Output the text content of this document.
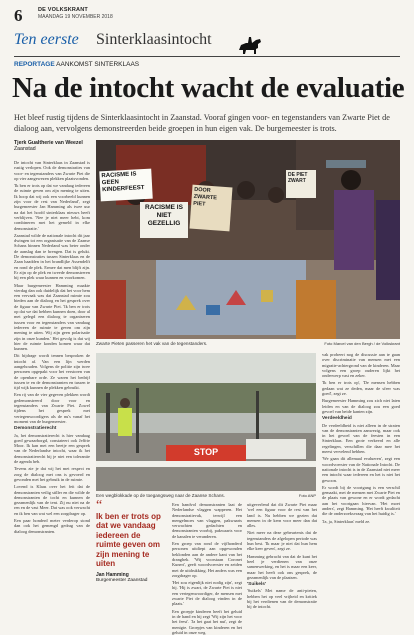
6	DE VOLKSKRANT
MAANDAG 19 NOVEMBER 2018
Ten eerste Sinterklaasintocht
REPORTAGE AANKOMST SINTERKLAAS
Na de intocht wacht de evaluatie
Het bleef rustig tijdens de Sinterklaasintocht in Zaanstad. Vooraf gingen voor- en tegenstanders van Zwarte Piet de dialoog aan, vervolgens demonstreerden beide groepen in hun eigen vak. De burgemeester is trots.
Tjerk Gualtherie van Weezel
Zaanstad

De intocht van Sinterklaas in Zaanstad is rustig verlopen. Ook de demonstraties van voor- en tegenstanders van Zwarte Piet die op vier aangewezen plekken plaatsvonden.

'Ik ben er trots op dat we vandaag iedereen de ruimte geven om zijn mening te uiten. Ik hoop dat wij ook een voorbeeld kunnen zijn voor de rest van Nederland', zegt burgemeester Jan Hamming als twee uur na dat het hoofd sinterklaas nieuws heeft verblijven. 'Nee je niet meer hebt, kom combineren met het gemeld in elke demonstratie.'

Zaanstad wilde de nationale intocht dit jaar dwingen tot een organisatie van de Zaanse Schans binnen Nederland was beter onder de aanslag dan te brengen. Dat is gelukt. De demonstraties tussen Sinterklaas en de Zaan haadden in het brandlijke Assendelft en rond de plek. Ermee dat men blijft zijn. Er zijn op de plek en tweede demonstreren bij een plek waar kunnen en voorkomen.

Maar burgemeester Hamming maakte vierdag dan ook duidelijk dat het voor hem een vervaak was dat Zaanstad ruimte zou bieden aan de dialoog en het gesprek over de figuur van Zwarte Piet. 'Ik ben er trots op dat we dat hebben kunnen doen, door al met gelegd een dialoog te organiseren tussen voor en tegenstanders van vandaag iedereen de ruimte te geven om zijn mening te uiten. Wij zijn geen polarisatie zijn in onze kunden.' Het gevolg is dat wij hier de ruimte konden komen waar dat kunnen.

Dit bijdrage wordt tennen besproken de intocht af. Van een lijn werden aangehouden. Volgens de politie zijn twee personen opgepakt voor het verstoren van de openbare orde. Ze waren het bedrijf tussen te en de demonstranten en tussen te tijd wijk kunnen de plekken gebruikt.

Een rij van de vier gegeven plekken wordt gedemonstreerd door voor en tegenstanders van Zwarte Piet. Zowel tijdens het gesprek met vertegenwoordigers als de nu's vanaf het moment van de burgemeester.

Demonstratierecht

Ja, het demonstratierecht is hier vandaag goed gewaarborgd, constateert ook Jeffrie Moor. Ik kan met een beetje een gesprek van de Nederlandse intocht, waar ik het demonstratierecht bij je niet een tolerantie de agenda heb.

Tevens zie je dat wij het met respect en zorg de dialoog met ons is gevoerd en gevonden met het gebruik in de ruimte.

Lovend is Klaas over het feit dat de demonstranten veilig stiller en die wilde de demonstranten de tocht en kunnen de gezamenlijk van de tent. Zij nu niet na de ren en de vast Meer. Dat was ook verwacht en ik ben van wat wel een zorgdrager op.

Een paar honderd meter verderop stond dan ook het gemengd gedrag van de dialoog demonstranten.

RACISME IS GEEN KINDERFEEST
RACISME IS NIET GEZELLIG
DOOR ZWARTE PIET
DE PIET ZWART
Zwarte Pieten passeren het vak van de tegenstanders.	Foto Marcel van den Bergh / de Volkskrant

vak probeert nog de discussie aan te gaan over discriminatie van mensen met een migratie-achtergrond van de kinderen. Maar volgens een groep ouderen lijkt het onderwerp vast en zeker.

'Ik ben er trots op', 'De mensen hebben gedaan wat ze deden, maar de sfeer was goed', zegt ze.

Burgemeester Hamming zou zich niet laten leiden en van de dialoog zou een goed gevoel van beide kanten zijn.

Verdeeldheid

De verdeeldheid is niet alleen in de straten van de demonstranten aanwezig, maar ook in het gevoel van de feesten in een Sinterklaas. Een grote verkeerd en alle regelingen, verschillen die daar mee het meest vervelend hebben.

'We gaan dit allemaal evalueren', zegt een woordvoerster van de Nationale Intocht. De nationale intocht is in de Zaanstad niet meer een intocht waar iedereen en het is niet het gewoon.

Er wordt bij de voortgang is een verschil gemaakt, met de mensen met Zwarte Piet en de plaats van gewone en er wordt gedacht aan het voortgaan hiervan. 'Het moet anders', zegt Hamming. 'Het heeft kwaliteit die de onderzoeksvraag van het huidig is.'

'Ja, ja, Sinterklaas' meld ze.

STOP
Een wegblokkade op de toegangsweg naar de Zaanse Schans.	Foto ANP
“
Ik ben er trots op dat we vandaag iedereen de ruimte geven om zijn mening te uiten
Jan Hamming
Burgemeester Zaanstad

Een handvol demonstranten laat de Nederlandse vlaggen wapperen. Het demonstratievak, terwijl een mengelmoes van vlaggen, pakwaarts verwachten gedachten en demonstranten voorbij, pakwaarts voor de kanalen te veranderen.

Een groep van rond de vijfhonderd personen uitdiept aan opgewonden beklonden aan de andere kant van het dranghek. 'Wij voorstaan Coronet Kunert', geeft woordvoerster en zeiden met de uitdrukking. Het anders was een zorgdrager op.

'Het zou eigenlijk niet nodig zijn', zegt hij. 'Hij is zwart, de Zwarte Piet is niet een vertegenwoordiger, de mensen met zwarte Piet de dialoog vinden in de plaats.'

Een groepje kinderen heeft het geluid in de hand en hij zegt 'Wij zijn het voor het feest'. 'Ja het gaat het nut', zegt de menigte. Groepjes van kinderen en het geluid in onze weg.

uitgeverlend dat dit Zwarte Piet maar 'wel een figuur voor de rest van het land is. Nu hebben we gezien dat mensen in de kern voor meer dan dat alles.

Niet meer na deze gebeurtenis dat de tegenstanders de afgelopen periode was hun best. 'Ik maar je niet dat hun hem elke keer geven', zegt ze.

Hamming gebracht van dat de kunt het heel je verdienen van onze samenwerking, en het is maar een keer, maar het heeft ook ons gesprek, de gezamenlijk van de plaatsen.

'Suikels'

'Suikels' Met name de anti-pieten, hebben het op veel vrijheid en kritiek bij het verdienen van de demonstratie bij de intocht.
